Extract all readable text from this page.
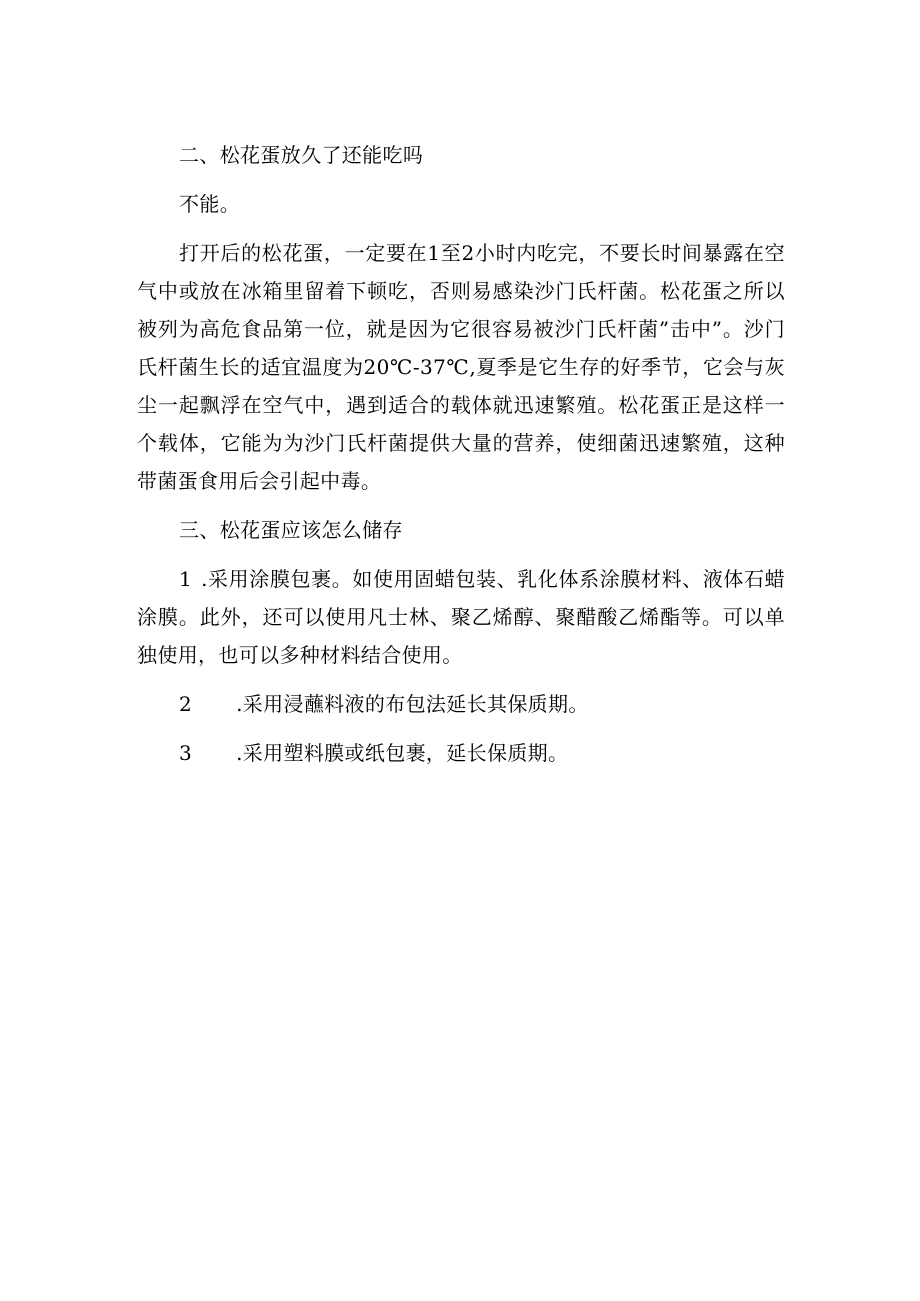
二、松花蛋放久了还能吃吗

不能。

打开后的松花蛋，一定要在1至2小时内吃完，不要长时间暴露在空气中或放在冰箱里留着下顿吃，否则易感染沙门氏杆菌。松花蛋之所以被列为高危食品第一位，就是因为它很容易被沙门氏杆菌”击中”。沙门氏杆菌生长的适宜温度为20℃-37℃,夏季是它生存的好季节，它会与灰尘一起飘浮在空气中，遇到适合的载体就迅速繁殖。松花蛋正是这样一个载体，它能为为沙门氏杆菌提供大量的营养，使细菌迅速繁殖，这种带菌蛋食用后会引起中毒。

三、松花蛋应该怎么储存

1 .采用涂膜包裹。如使用固蜡包装、乳化体系涂膜材料、液体石蜡涂膜。此外，还可以使用凡士林、聚乙烯醇、聚醋酸乙烯酯等。可以单独使用，也可以多种材料结合使用。

2 .采用浸蘸料液的布包法延长其保质期。

3 .采用塑料膜或纸包裹，延长保质期。
